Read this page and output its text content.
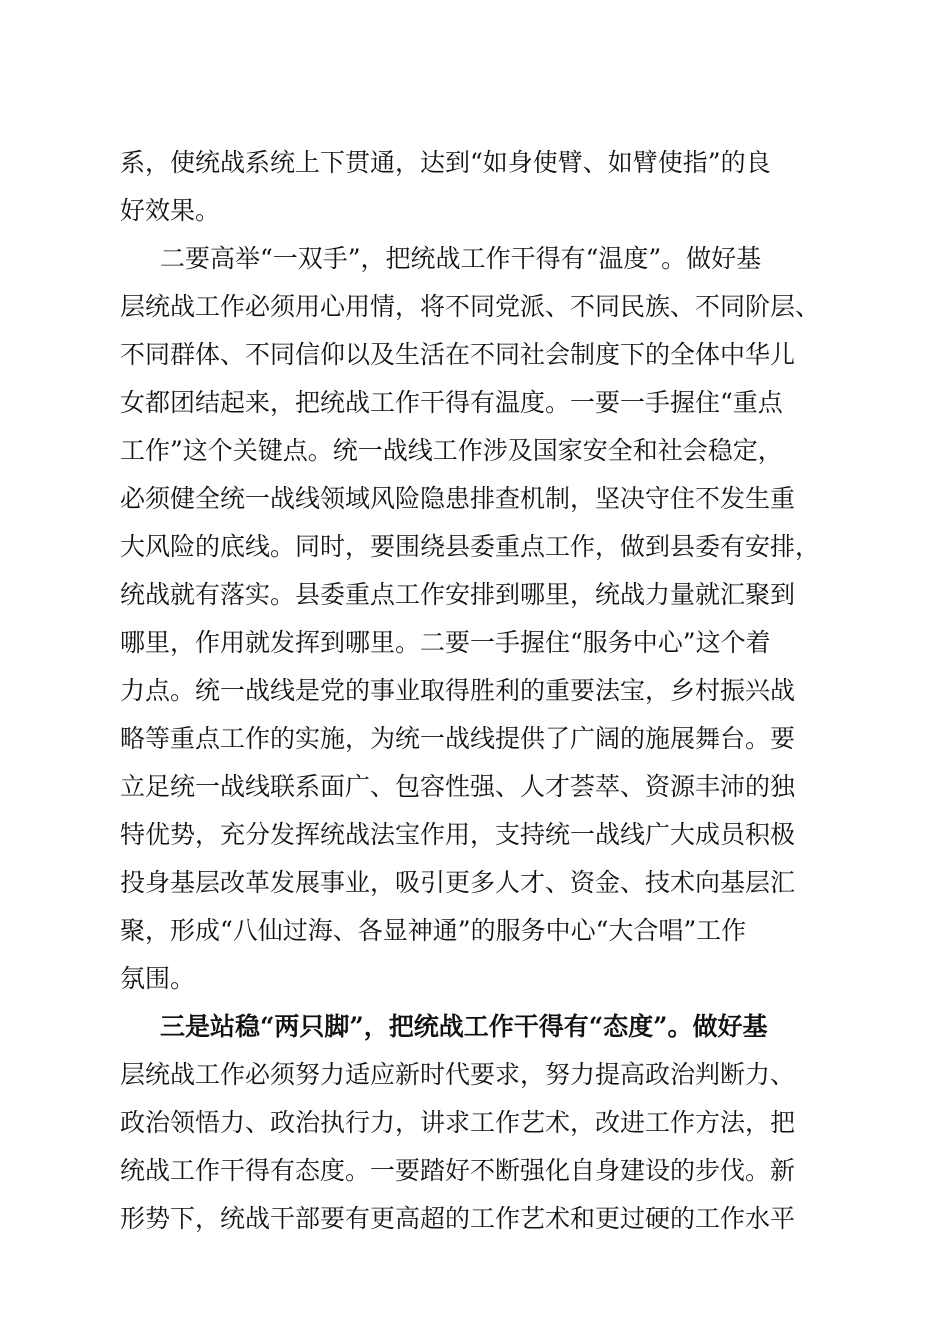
系，使统战系统上下贯通，达到“如身使臂、如臂使指”的良
好效果。
二要高举“一双手”，把统战工作干得有“温度”。做好基
层统战工作必须用心用情，将不同党派、不同民族、不同阶层、
不同群体、不同信仰以及生活在不同社会制度下的全体中华儿
女都团结起来，把统战工作干得有温度。一要一手握住“重点
工作”这个关键点。统一战线工作涉及国家安全和社会稳定，
必须健全统一战线领域风险隐患排查机制，坚决守住不发生重
大风险的底线。同时，要围绕县委重点工作，做到县委有安排，
统战就有落实。县委重点工作安排到哪里，统战力量就汇聚到
哪里，作用就发挥到哪里。二要一手握住“服务中心”这个着
力点。统一战线是党的事业取得胜利的重要法宝，乡村振兴战
略等重点工作的实施，为统一战线提供了广阔的施展舞台。要
立足统一战线联系面广、包容性强、人才荟萃、资源丰沛的独
特优势，充分发挥统战法宝作用，支持统一战线广大成员积极
投身基层改革发展事业，吸引更多人才、资金、技术向基层汇
聚，形成“八仙过海、各显神通”的服务中心“大合唱”工作
氛围。
三是站稳“两只脚”，把统战工作干得有“态度”。做好基
层统战工作必须努力适应新时代要求，努力提高政治判断力、
政治领悟力、政治执行力，讲求工作艺术，改进工作方法，把
统战工作干得有态度。一要踏好不断强化自身建设的步伐。新
形势下，统战干部要有更高超的工作艺术和更过硬的工作水平
